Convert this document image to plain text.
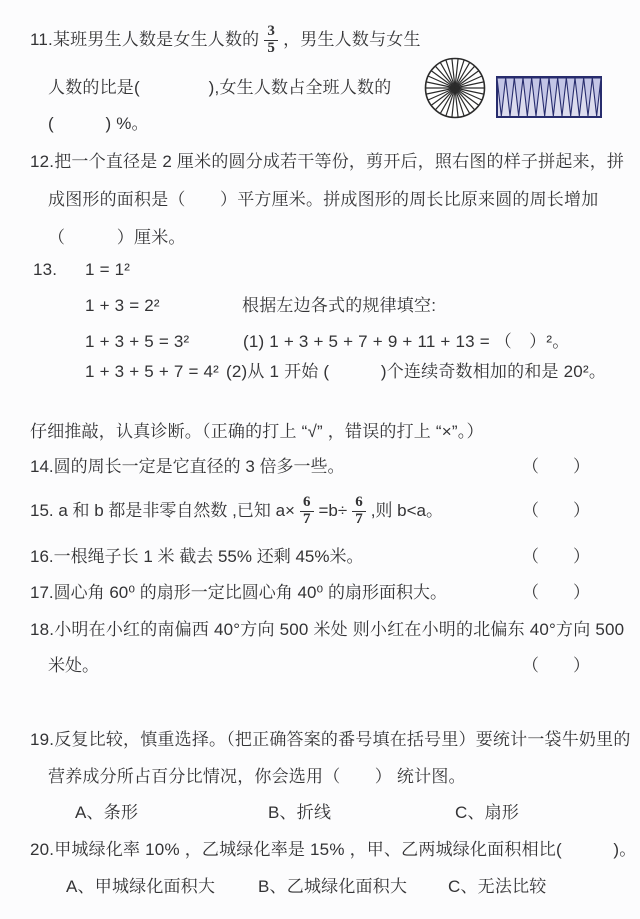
11.某班男生人数是女生人数的 $\frac{3}{5}$ ，男生人数与女生
人数的比是(　　　　),女生人数占全班人数的
(　　　) %。
12.把一个直径是 2 厘米的圆分成若干等份，剪开后，照右图的样子拼起来，拼
成图形的面积是（　　）平方厘米。拼成图形的周长比原来圆的周长增加
（　　　）厘米。
13. 1 = 1²
1 + 3 = 2²	根据左边各式的规律填空:
1 + 3 + 5 = 3²	(1) 1 + 3 + 5 + 7 + 9 + 11 + 13 = （　）²。
1 + 3 + 5 + 7 = 4² (2)从 1 开始 (　　　)个连续奇数相加的和是 20²。
仔细推敲，认真诊断。（正确的打上 “√” ，错误的打上 “×”。）
14.圆的周长一定是它直径的 3 倍多一些。	（　　）
15. a 和 b 都是非零自然数 ,已知 $a\times \frac{6}{7} =b\div \frac{6}{7}$ ,则 b<a。	（　　）
16.一根绳子长 1 米 截去 55% 还剩 45%米。	（　　）
17.圆心角 60⁰ 的扇形一定比圆心角 40⁰ 的扇形面积大。	（　　）
18.小明在小红的南偏西 40°方向 500 米处 则小红在小明的北偏东 40°方向 500
米处。	（　　）
19.反复比较，慎重选择。（把正确答案的番号填在括号里）要统计一袋牛奶里的
营养成分所占百分比情况，你会选用（　　） 统计图。
A、条形	B、折线	C、扇形
20.甲城绿化率 10% ，乙城绿化率是 15% ，甲、乙两城绿化面积相比(　　　)。
A、甲城绿化面积大	B、乙城绿化面积大 C、无法比较
